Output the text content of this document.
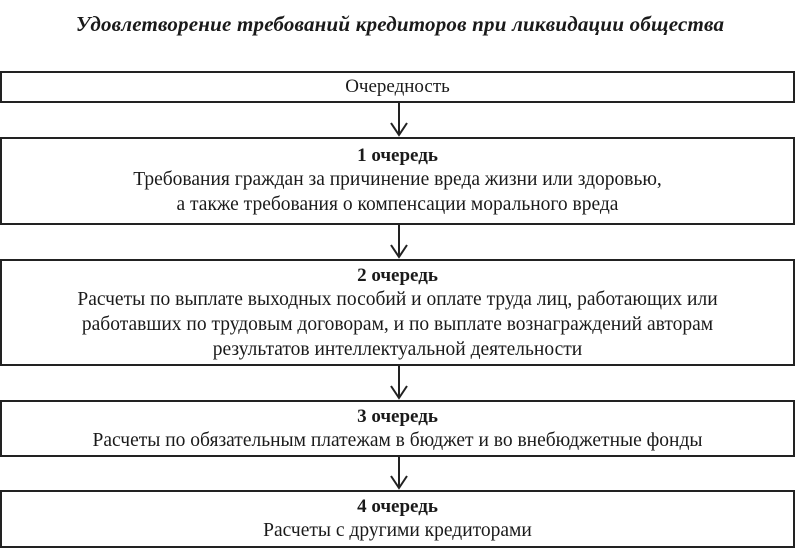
Удовлетворение требований кредиторов при ликвидации общества
Очередность
1 очередь
Требования граждан за причинение вреда жизни или здоровью,
а также требования о компенсации морального вреда
2 очередь
Расчеты по выплате выходных пособий и оплате труда лиц, работающих или
работавших по трудовым договорам, и по выплате вознаграждений авторам
результатов интеллектуальной деятельности
3 очередь
Расчеты по обязательным платежам в бюджет и во внебюджетные фонды
4 очередь
Расчеты с другими кредиторами
